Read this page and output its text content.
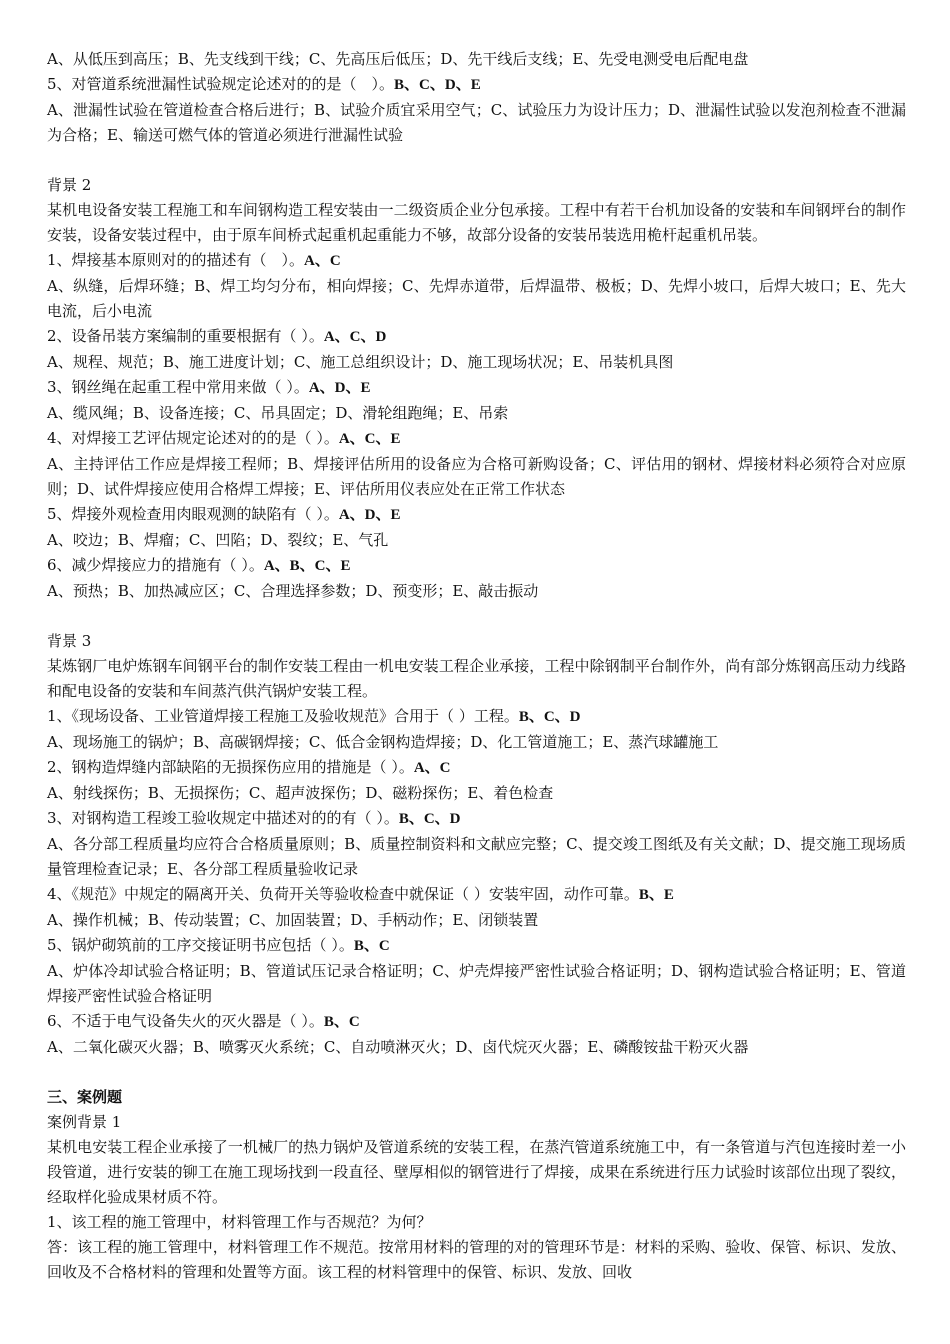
A、从低压到高压；B、先支线到干线；C、先高压后低压；D、先干线后支线；E、先受电测受电后配电盘
5、对管道系统泄漏性试验规定论述对的的是（　）。B、C、D、E
A、泄漏性试验在管道检查合格后进行；B、试验介质宜采用空气；C、试验压力为设计压力；D、泄漏性试验以发泡剂检查不泄漏为合格；E、输送可燃气体的管道必须进行泄漏性试验
背景 2
某机电设备安装工程施工和车间钢构造工程安装由一二级资质企业分包承接。工程中有若干台机加设备的安装和车间钢坪台的制作安装，设备安装过程中，由于原车间桥式起重机起重能力不够，故部分设备的安装吊装选用桅杆起重机吊装。
1、焊接基本原则对的的描述有（　）。A、C
A、纵缝，后焊环缝；B、焊工均匀分布，相向焊接；C、先焊赤道带，后焊温带、极板；D、先焊小坡口，后焊大坡口；E、先大电流，后小电流
2、设备吊装方案编制的重要根据有（ ）。A、C、D
A、规程、规范；B、施工进度计划；C、施工总组织设计；D、施工现场状况；E、吊装机具图
3、钢丝绳在起重工程中常用来做（ ）。A、D、E
A、缆风绳；B、设备连接；C、吊具固定；D、滑轮组跑绳；E、吊索
4、对焊接工艺评估规定论述对的的是（ ）。A、C、E
A、主持评估工作应是焊接工程师；B、焊接评估所用的设备应为合格可新购设备；C、评估用的钢材、焊接材料必须符合对应原则；D、试件焊接应使用合格焊工焊接；E、评估所用仪表应处在正常工作状态
5、焊接外观检查用肉眼观测的缺陷有（ ）。A、D、E
A、咬边；B、焊瘤；C、凹陷；D、裂纹；E、气孔
6、减少焊接应力的措施有（ ）。A、B、C、E
A、预热；B、加热减应区；C、合理选择参数；D、预变形；E、敲击振动
背景 3
某炼钢厂电炉炼钢车间钢平台的制作安装工程由一机电安装工程企业承接，工程中除钢制平台制作外，尚有部分炼钢高压动力线路和配电设备的安装和车间蒸汽供汽锅炉安装工程。
1、《现场设备、工业管道焊接工程施工及验收规范》合用于（ ）工程。B、C、D
A、现场施工的锅炉；B、高碳钢焊接；C、低合金钢构造焊接；D、化工管道施工；E、蒸汽球罐施工
2、钢构造焊缝内部缺陷的无损探伤应用的措施是（ ）。A、C
A、射线探伤；B、无损探伤；C、超声波探伤；D、磁粉探伤；E、着色检查
3、对钢构造工程竣工验收规定中描述对的的有（ ）。B、C、D
A、各分部工程质量均应符合合格质量原则；B、质量控制资料和文献应完整；C、提交竣工图纸及有关文献；D、提交施工现场质量管理检查记录；E、各分部工程质量验收记录
4、《规范》中规定的隔离开关、负荷开关等验收检查中就保证（ ）安装牢固，动作可靠。B、E
A、操作机械；B、传动装置；C、加固装置；D、手柄动作；E、闭锁装置
5、锅炉砌筑前的工序交接证明书应包括（ ）。B、C
A、炉体冷却试验合格证明；B、管道试压记录合格证明；C、炉壳焊接严密性试验合格证明；D、钢构造试验合格证明；E、管道焊接严密性试验合格证明
6、不适于电气设备失火的灭火器是（ ）。B、C
A、二氧化碳灭火器；B、喷雾灭火系统；C、自动喷淋灭火；D、卤代烷灭火器；E、磷酸铵盐干粉灭火器
三、案例题
案例背景 1
某机电安装工程企业承接了一机械厂的热力锅炉及管道系统的安装工程，在蒸汽管道系统施工中，有一条管道与汽包连接时差一小段管道，进行安装的铆工在施工现场找到一段直径、壁厚相似的钢管进行了焊接，成果在系统进行压力试验时该部位出现了裂纹，经取样化验成果材质不符。
1、该工程的施工管理中，材料管理工作与否规范？为何？
答：该工程的施工管理中，材料管理工作不规范。按常用材料的管理的对的管理环节是：材料的采购、验收、保管、标识、发放、回收及不合格材料的管理和处置等方面。该工程的材料管理中的保管、标识、发放、回收
